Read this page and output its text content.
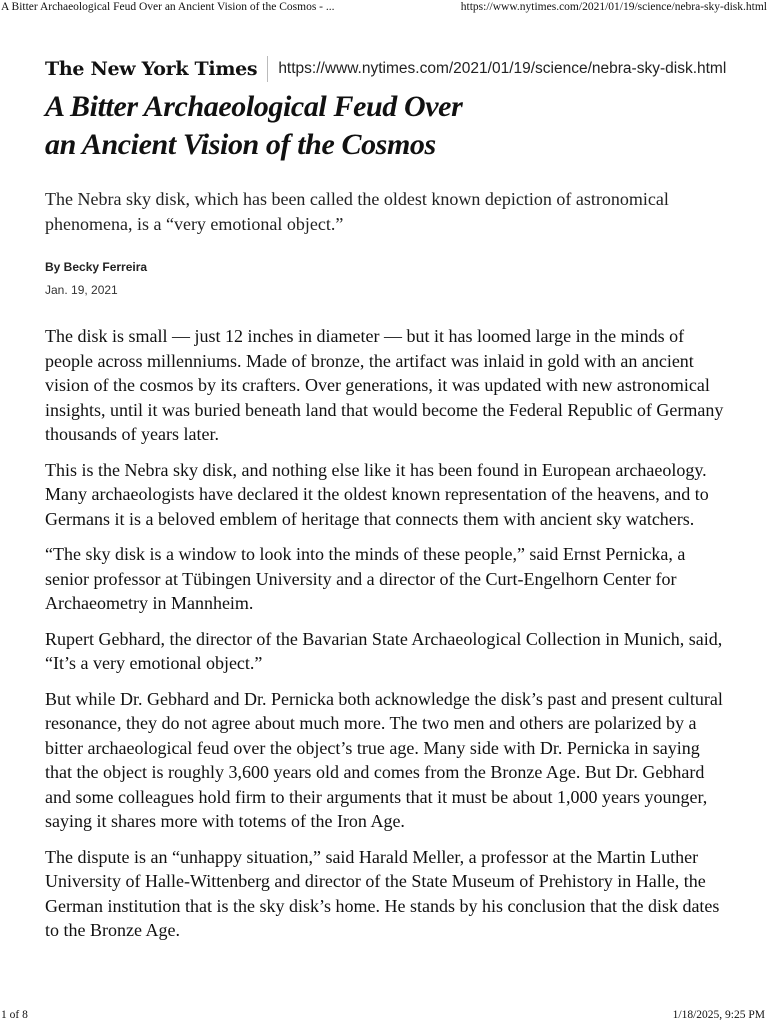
A Bitter Archaeological Feud Over an Ancient Vision of the Cosmos - ...	https://www.nytimes.com/2021/01/19/science/nebra-sky-disk.html
The New York Times https://www.nytimes.com/2021/01/19/science/nebra-sky-disk.html
A Bitter Archaeological Feud Over
an Ancient Vision of the Cosmos

The Nebra sky disk, which has been called the oldest known depiction of astronomical phenomena, is a “very emotional object.”

By Becky Ferreira
Jan. 19, 2021

The disk is small — just 12 inches in diameter — but it has loomed large in the minds of people across millenniums. Made of bronze, the artifact was inlaid in gold with an ancient vision of the cosmos by its crafters. Over generations, it was updated with new astronomical insights, until it was buried beneath land that would become the Federal Republic of Germany thousands of years later.

This is the Nebra sky disk, and nothing else like it has been found in European archaeology. Many archaeologists have declared it the oldest known representation of the heavens, and to Germans it is a beloved emblem of heritage that connects them with ancient sky watchers.

“The sky disk is a window to look into the minds of these people,” said Ernst Pernicka, a senior professor at Tübingen University and a director of the Curt-Engelhorn Center for Archaeometry in Mannheim.

Rupert Gebhard, the director of the Bavarian State Archaeological Collection in Munich, said, “It’s a very emotional object.”

But while Dr. Gebhard and Dr. Pernicka both acknowledge the disk’s past and present cultural resonance, they do not agree about much more. The two men and others are polarized by a bitter archaeological feud over the object’s true age. Many side with Dr. Pernicka in saying that the object is roughly 3,600 years old and comes from the Bronze Age. But Dr. Gebhard and some colleagues hold firm to their arguments that it must be about 1,000 years younger, saying it shares more with totems of the Iron Age.

The dispute is an “unhappy situation,” said Harald Meller, a professor at the Martin Luther University of Halle-Wittenberg and director of the State Museum of Prehistory in Halle, the German institution that is the sky disk’s home. He stands by his conclusion that the disk dates to the Bronze Age.

1 of 8	1/18/2025, 9:25 PM
